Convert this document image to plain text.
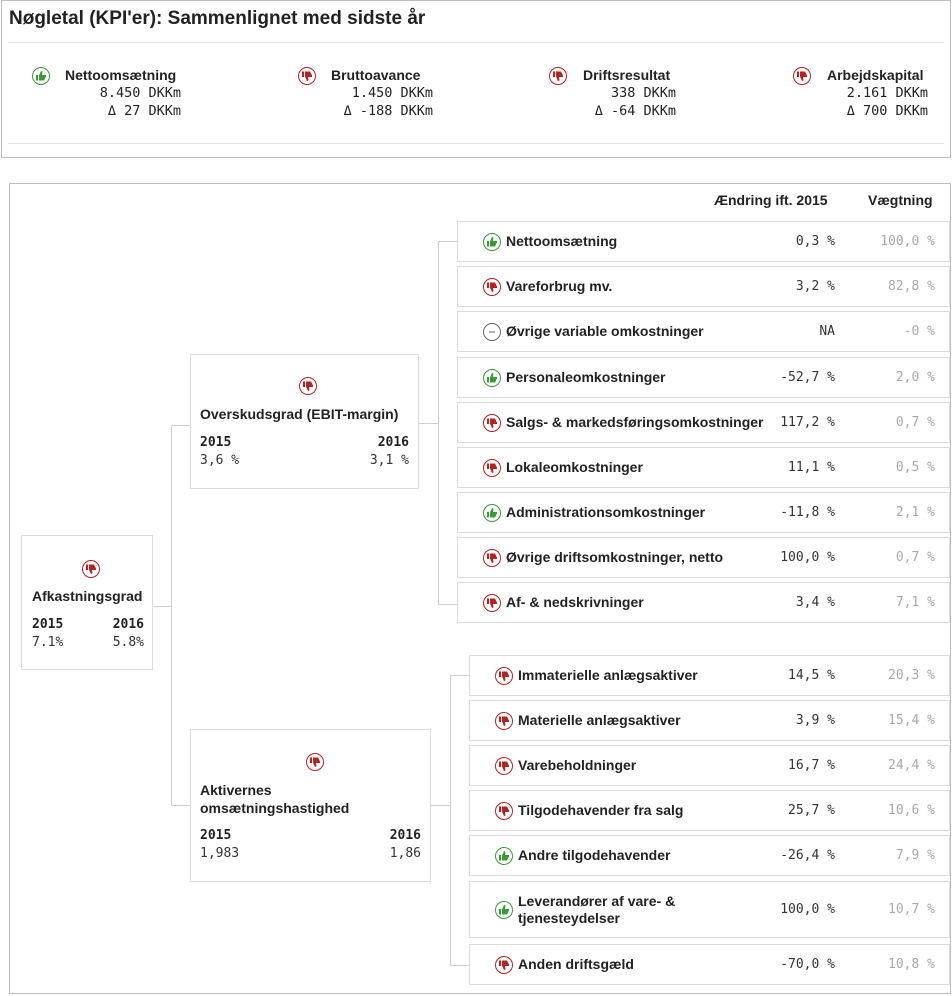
Nøgletal (KPI'er): Sammenlignet med sidste år
Nettoomsætning
8.450 DKKm
Δ 27 DKKm
Bruttoavance
1.450 DKKm
Δ -188 DKKm
Driftsresultat
338 DKKm
Δ -64 DKKm
Arbejdskapital
2.161 DKKm
Δ 700 DKKm
Ændring ift. 2015	Vægtning
Afkastningsgrad
2015	2016
7.1%	5.8%
Overskudsgrad (EBIT-margin)
2015	2016
3,6 %	3,1 %
Aktivernes omsætningshastighed
2015	2016
1,983	1,86
Nettoomsætning	0,3 %	100,0 %
Vareforbrug mv.	3,2 %	82,8 %
Øvrige variable omkostninger	NA	-0 %
Personaleomkostninger	-52,7 %	2,0 %
Salgs- & markedsføringsomkostninger 117,2 %	0,7 %
Lokaleomkostninger	11,1 %	0,5 %
Administrationsomkostninger	-11,8 %	2,1 %
Øvrige driftsomkostninger, netto	100,0 %	0,7 %
Af- & nedskrivninger	3,4 %	7,1 %
Immaterielle anlægsaktiver	14,5 %	20,3 %
Materielle anlægsaktiver	3,9 %	15,4 %
Varebeholdninger	16,7 %	24,4 %
Tilgodehavender fra salg	25,7 %	10,6 %
Andre tilgodehavender	-26,4 %	7,9 %
Leverandører af vare- & tjenesteydelser	100,0 %	10,7 %
Anden driftsgæld	-70,0 %	10,8 %
